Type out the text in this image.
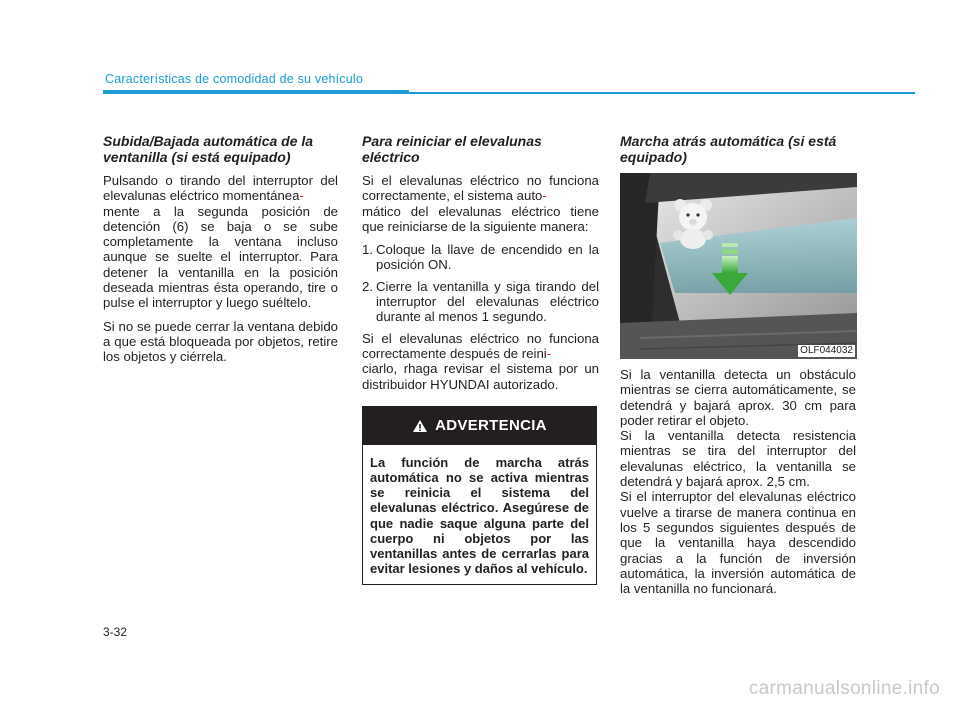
Características de comodidad de su vehículo
Subida/Bajada automática de la ventanilla (si está equipado)

Pulsando o tirando del interruptor del elevalunas eléctrico momentánea-
mente a la segunda posición de detención (6) se baja o se sube completamente la ventana incluso aunque se suelte el interruptor. Para detener la ventanilla en la posición deseada mientras ésta operando, tire o pulse el interruptor y luego suéltelo.

Si no se puede cerrar la ventana debido a que está bloqueada por objetos, retire los objetos y ciérrela.

Para reiniciar el elevalunas eléctrico

Si el elevalunas eléctrico no funciona correctamente, el sistema auto-
mático del elevalunas eléctrico tiene que reiniciarse de la siguiente manera:

1. Coloque la llave de encendido en la posición ON.
2. Cierre la ventanilla y siga tirando del interruptor del elevalunas eléctrico durante al menos 1 segundo.

Si el elevalunas eléctrico no funciona correctamente después de reini-
ciarlo, rhaga revisar el sistema por un distribuidor HYUNDAI autorizado.

ADVERTENCIA
La función de marcha atrás automática no se activa mientras se reinicia el sistema del elevalunas eléctrico. Asegúrese de que nadie saque alguna parte del cuerpo ni objetos por las ventanillas antes de cerrarlas para evitar lesiones y daños al vehículo.
Marcha atrás automática (si está equipado)
OLF044032

Si la ventanilla detecta un obstáculo mientras se cierra automáticamente, se detendrá y bajará aprox. 30 cm para poder retirar el objeto.

Si la ventanilla detecta resistencia mientras se tira del interruptor del elevalunas eléctrico, la ventanilla se detendrá y bajará aprox. 2,5 cm.

Si el interruptor del elevalunas eléctrico vuelve a tirarse de manera continua en los 5 segundos siguientes después de que la ventanilla haya descendido gracias a la función de inversión automática, la inversión automática de la ventanilla no funcionará.

3-32
carmanualsonline.info
